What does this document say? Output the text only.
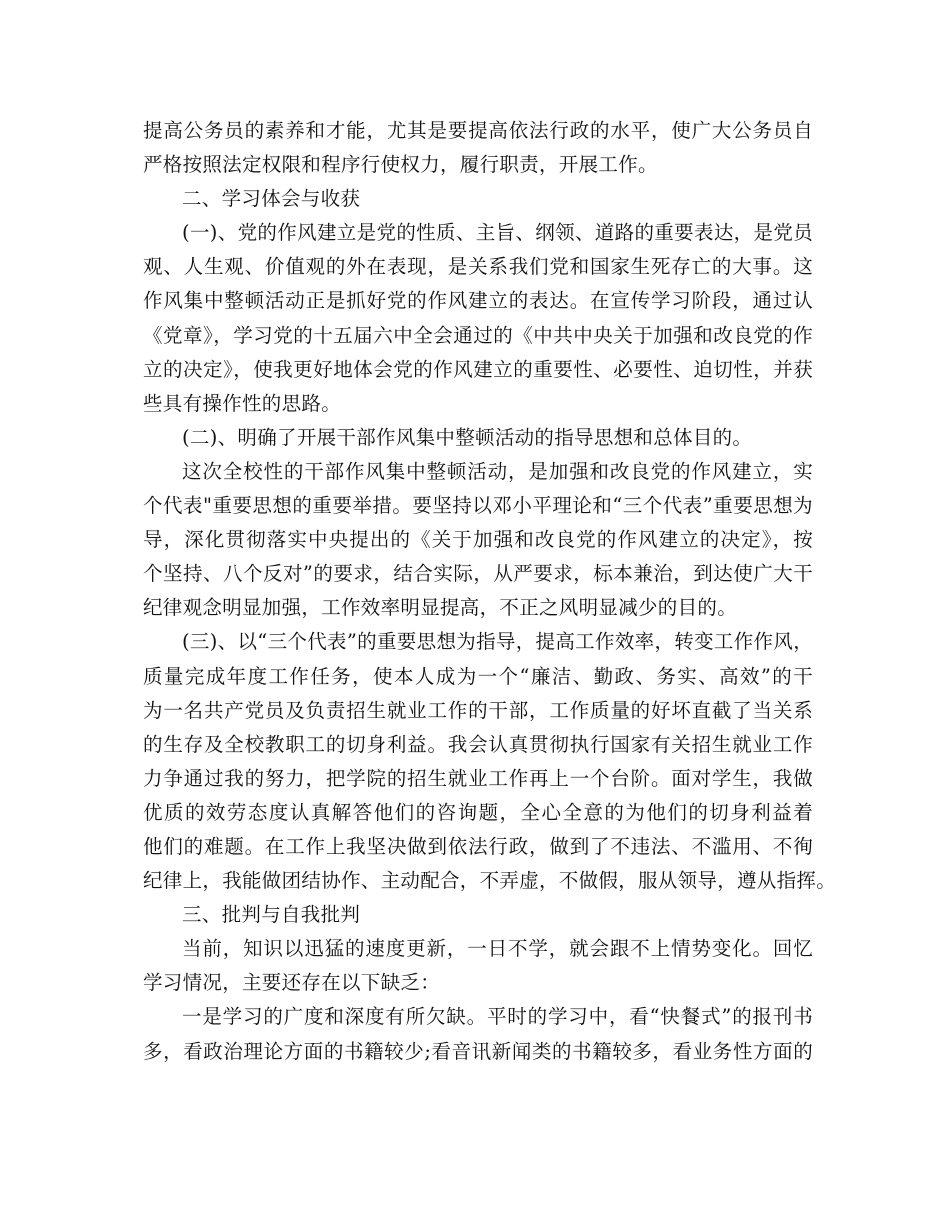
提高公务员的素养和才能，尤其是要提高依法行政的水平，使广大公务员自
严格按照法定权限和程序行使权力，履行职责，开展工作。
二、学习体会与收获
(一)、党的作风建立是党的性质、主旨、纲领、道路的重要表达，是党员
观、人生观、价值观的外在表现，是关系我们党和国家生死存亡的大事。这
作风集中整顿活动正是抓好党的作风建立的表达。在宣传学习阶段，通过认
《党章》，学习党的十五届六中全会通过的《中共中央关于加强和改良党的作
立的决定》，使我更好地体会党的作风建立的重要性、必要性、迫切性，并获
些具有操作性的思路。
(二)、明确了开展干部作风集中整顿活动的指导思想和总体目的。
这次全校性的干部作风集中整顿活动，是加强和改良党的作风建立，实
个代表"重要思想的重要举措。要坚持以邓小平理论和“三个代表”重要思想为
导，深化贯彻落实中央提出的《关于加强和改良党的作风建立的决定》，按
个坚持、八个反对”的要求，结合实际，从严要求，标本兼治，到达使广大干
纪律观念明显加强，工作效率明显提高，不正之风明显减少的目的。
(三)、以“三个代表”的重要思想为指导，提高工作效率，转变工作作风，
质量完成年度工作任务，使本人成为一个“廉洁、勤政、务实、高效”的干
为一名共产党员及负责招生就业工作的干部，工作质量的好坏直截了当关系
的生存及全校教职工的切身利益。我会认真贯彻执行国家有关招生就业工作
力争通过我的努力，把学院的招生就业工作再上一个台阶。面对学生，我做
优质的效劳态度认真解答他们的咨询题，全心全意的为他们的切身利益着
他们的难题。在工作上我坚决做到依法行政，做到了不违法、不滥用、不徇
纪律上，我能做团结协作、主动配合，不弄虚，不做假，服从领导，遵从指挥。
三、批判与自我批判
当前，知识以迅猛的速度更新，一日不学，就会跟不上情势变化。回忆
学习情况，主要还存在以下缺乏：
一是学习的广度和深度有所欠缺。平时的学习中，看“快餐式”的报刊书
多，看政治理论方面的书籍较少;看音讯新闻类的书籍较多，看业务性方面的
